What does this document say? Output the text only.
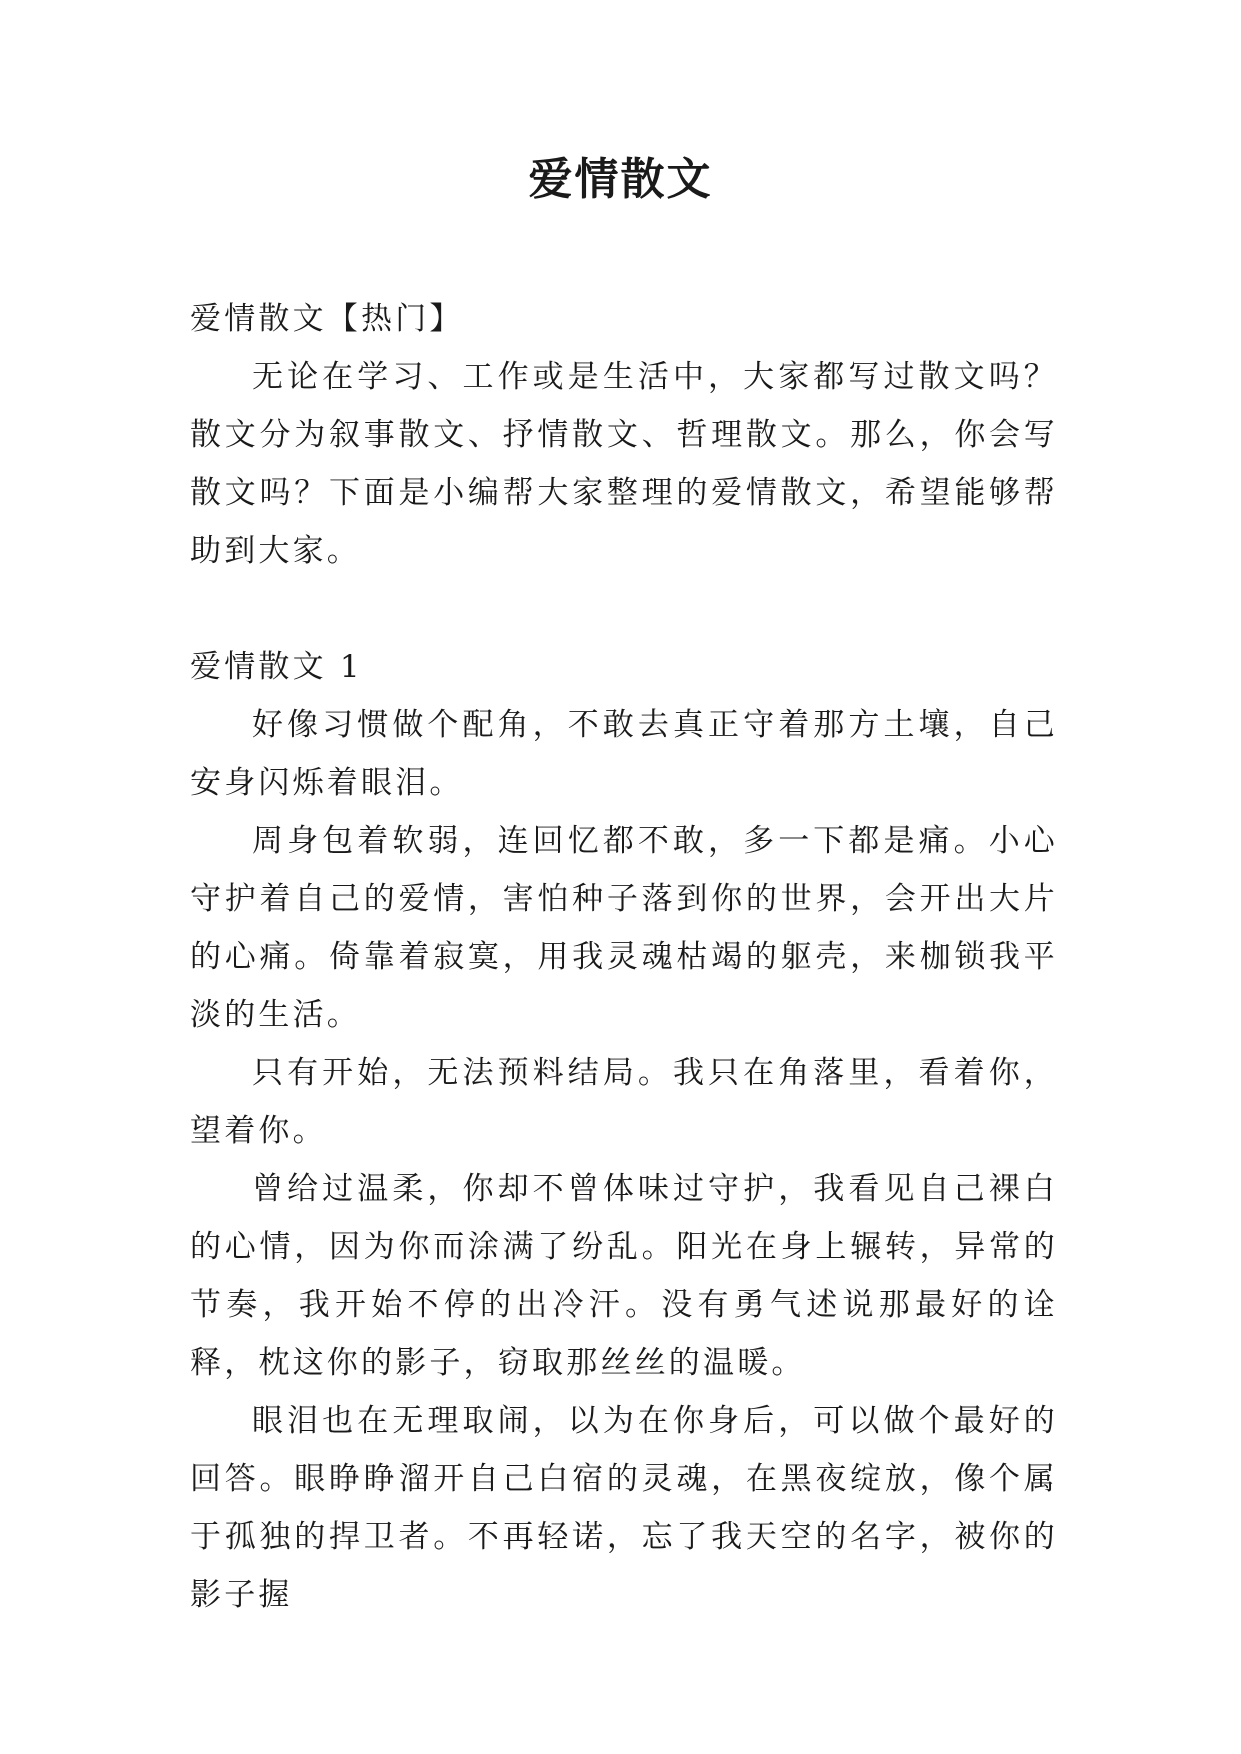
爱情散文

爱情散文【热门】

无论在学习、工作或是生活中，大家都写过散文吗？散文分为叙事散文、抒情散文、哲理散文。那么，你会写散文吗？下面是小编帮大家整理的爱情散文，希望能够帮助到大家。

爱情散文 1

好像习惯做个配角，不敢去真正守着那方土壤，自己安身闪烁着眼泪。

周身包着软弱，连回忆都不敢，多一下都是痛。小心守护着自己的爱情，害怕种子落到你的世界，会开出大片的心痛。倚靠着寂寞，用我灵魂枯竭的躯壳，来枷锁我平淡的生活。

只有开始，无法预料结局。我只在角落里，看着你，望着你。

曾给过温柔，你却不曾体味过守护，我看见自己裸白的心情，因为你而涂满了纷乱。阳光在身上辗转，异常的节奏，我开始不停的出冷汗。没有勇气述说那最好的诠释，枕这你的影子，窃取那丝丝的温暖。

眼泪也在无理取闹，以为在你身后，可以做个最好的回答。眼睁睁溜开自己白宿的灵魂，在黑夜绽放，像个属于孤独的捍卫者。不再轻诺，忘了我天空的名字，被你的影子握
